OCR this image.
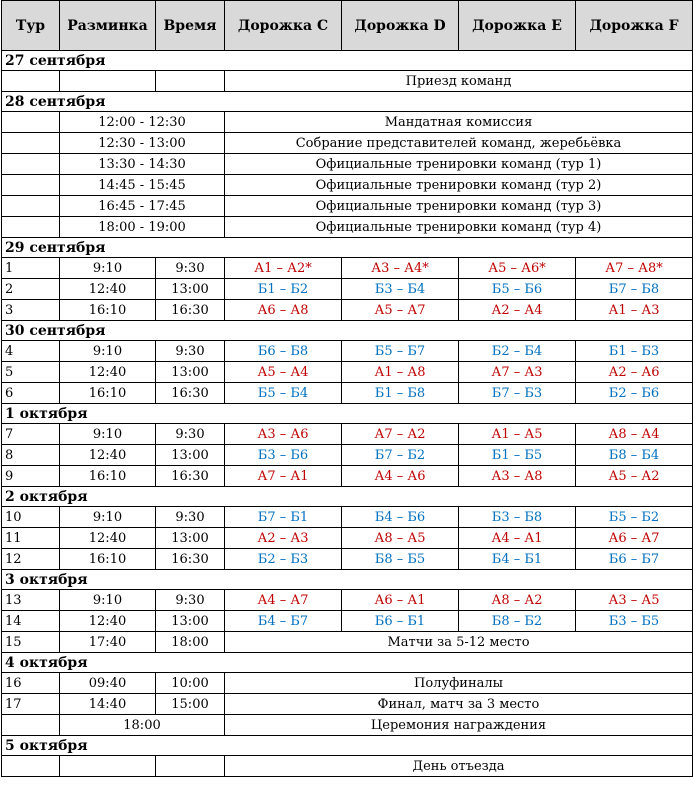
Тур	Разминка	Время	Дорожка C	Дорожка D	Дорожка E	Дорожка F
27 сентября						
			Приезд команд			
28 сентября						
	12:00 - 12:30		Мандатная комиссия			
	12:30 - 13:00		Собрание представителей команд, жеребьёвка			
	13:30 - 14:30		Официальные тренировки команд (тур 1)			
	14:45 - 15:45		Официальные тренировки команд (тур 2)			
	16:45 - 17:45		Официальные тренировки команд (тур 3)			
	18:00 - 19:00		Официальные тренировки команд (тур 4)			
29 сентября						
1	9:10	9:30	А1 – А2*	А3 – А4*	А5 – А6*	А7 – А8*
2	12:40	13:00	Б1 – Б2	Б3 – Б4	Б5 – Б6	Б7 – Б8
3	16:10	16:30	А6 – А8	А5 – А7	А2 – А4	А1 – А3
30 сентября						
4	9:10	9:30	Б6 – Б8	Б5 – Б7	Б2 – Б4	Б1 – Б3
5	12:40	13:00	А5 – А4	А1 – А8	А7 – А3	А2 – А6
6	16:10	16:30	Б5 – Б4	Б1 – Б8	Б7 – Б3	Б2 – Б6
1 октября						
7	9:10	9:30	А3 – А6	А7 – А2	А1 – А5	А8 – А4
8	12:40	13:00	Б3 – Б6	Б7 – Б2	Б1 – Б5	Б8 – Б4
9	16:10	16:30	А7 – А1	А4 – А6	А3 – А8	А5 – А2
2 октября						
10	9:10	9:30	Б7 – Б1	Б4 – Б6	Б3 – Б8	Б5 – Б2
11	12:40	13:00	А2 – А3	А8 – А5	А4 – А1	А6 – А7
12	16:10	16:30	Б2 – Б3	Б8 – Б5	Б4 – Б1	Б6 – Б7
3 октября						
13	9:10	9:30	А4 – А7	А6 – А1	А8 – А2	А3 – А5
14	12:40	13:00	Б4 – Б7	Б6 – Б1	Б8 – Б2	Б3 – Б5
15	17:40	18:00	Матчи за 5-12 место			
4 октября						
16	09:40	10:00	Полуфиналы			
17	14:40	15:00	Финал, матч за 3 место			
	18:00		Церемония награждения			
5 октября						
			День отъезда			
